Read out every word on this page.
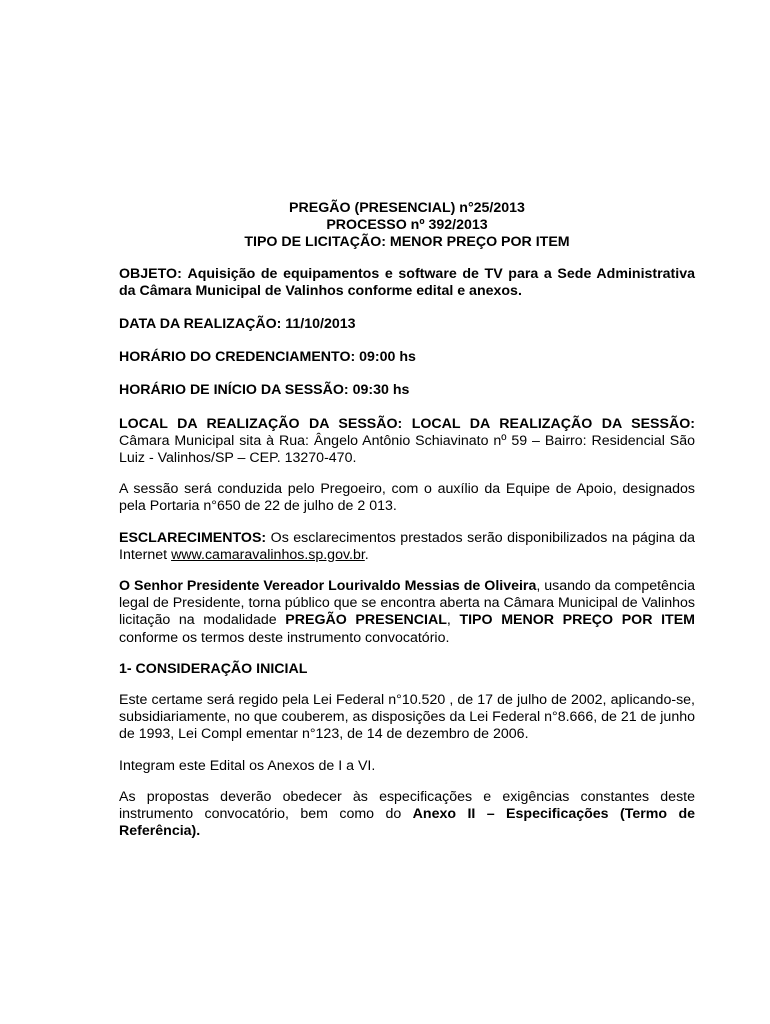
PREGÃO (PRESENCIAL) n°25/2013
PROCESSO nº 392/2013
TIPO DE LICITAÇÃO: MENOR PREÇO POR ITEM

OBJETO: Aquisição de equipamentos e software de TV para a Sede Administrativa da Câmara Municipal de Valinhos conforme edital e anexos.

DATA DA REALIZAÇÃO: 11/10/2013

HORÁRIO DO CREDENCIAMENTO: 09:00 hs

HORÁRIO DE INÍCIO DA SESSÃO: 09:30 hs

LOCAL DA REALIZAÇÃO DA SESSÃO: LOCAL DA REALIZAÇÃO DA SESSÃO: Câmara Municipal sita à Rua: Ângelo Antônio Schiavinato nº 59 – Bairro: Residencial São Luiz - Valinhos/SP – CEP. 13270-470.

A sessão será conduzida pelo Pregoeiro, com o auxílio da Equipe de Apoio, designados pela Portaria n°650 de 22 de julho de 2 013.

ESCLARECIMENTOS: Os esclarecimentos prestados serão disponibilizados na página da Internet www.camaravalinhos.sp.gov.br.

O Senhor Presidente Vereador Lourivaldo Messias de Oliveira, usando da competência legal de Presidente, torna público que se encontra aberta na Câmara Municipal de Valinhos licitação na modalidade PREGÃO PRESENCIAL, TIPO MENOR PREÇO POR ITEM conforme os termos deste instrumento convocatório.

1- CONSIDERAÇÃO INICIAL

Este certame será regido pela Lei Federal n°10.520 , de 17 de julho de 2002, aplicando-se, subsidiariamente, no que couberem, as disposições da Lei Federal n°8.666, de 21 de junho de 1993, Lei Compl ementar n°123, de 14 de dezembro de 2006.

Integram este Edital os Anexos de I a VI.

As propostas deverão obedecer às especificações e exigências constantes deste instrumento convocatório, bem como do Anexo II – Especificações (Termo de Referência).
